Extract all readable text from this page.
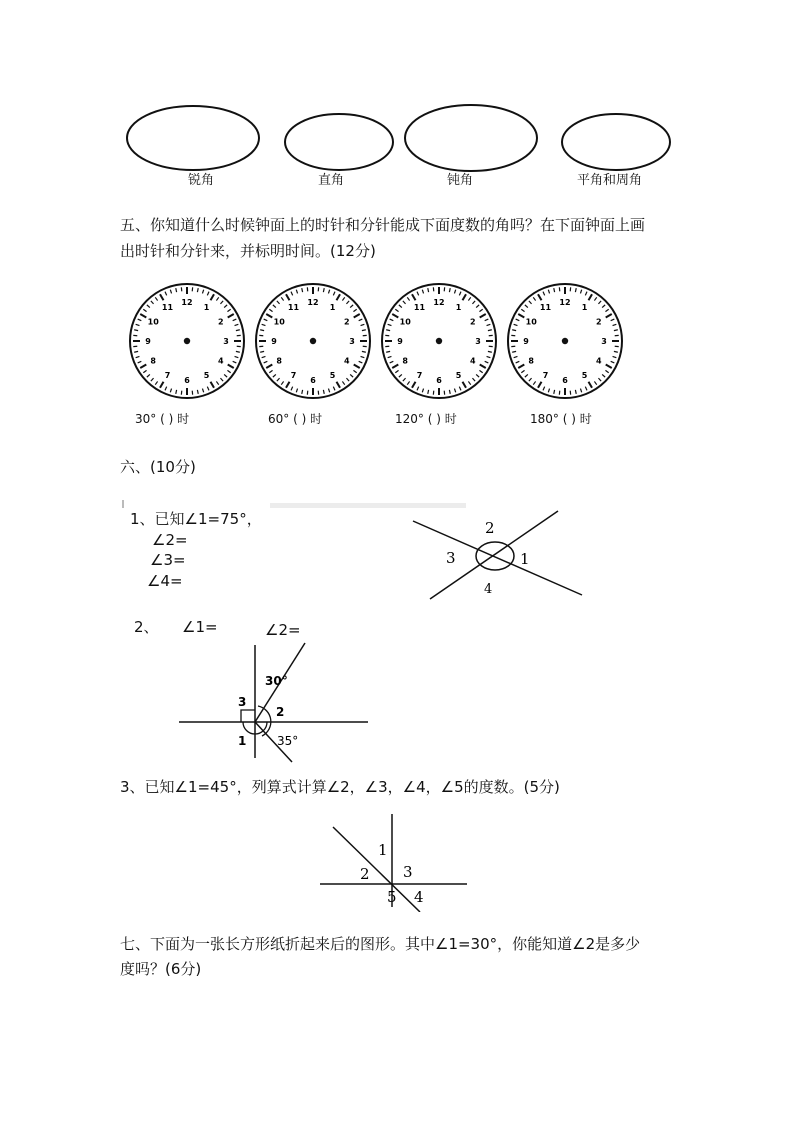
锐角	直角	钝角	平角和周角
五、你知道什么时候钟面上的时针和分针能成下面度数的角吗？在下面钟面上画
出时针和分针来，并标明时间。(12分)
12
1
2
3
4
5
6
7
8
9
10
11
12
1
2
3
4
5
6
7
8
9
10
11
12
1
2
3
4
5
6
7
8
9
10
11
12
1
2
3
4
5
6
7
8
9
10
11
30° ( ) 时	60° ( ) 时	120° ( ) 时	180° ( ) 时
六、(10分)
1、已知∠1=75°，
∠2=
∠3=
∠4=
2
3	1
4
2、 ∠1=	∠2=
30°
3
2
1	35°
3、已知∠1=45°，列算式计算∠2，∠3，∠4，∠5的度数。(5分)
1
2 3
5 4
七、下面为一张长方形纸折起来后的图形。其中∠1=30°，你能知道∠2是多少
度吗？(6分)
